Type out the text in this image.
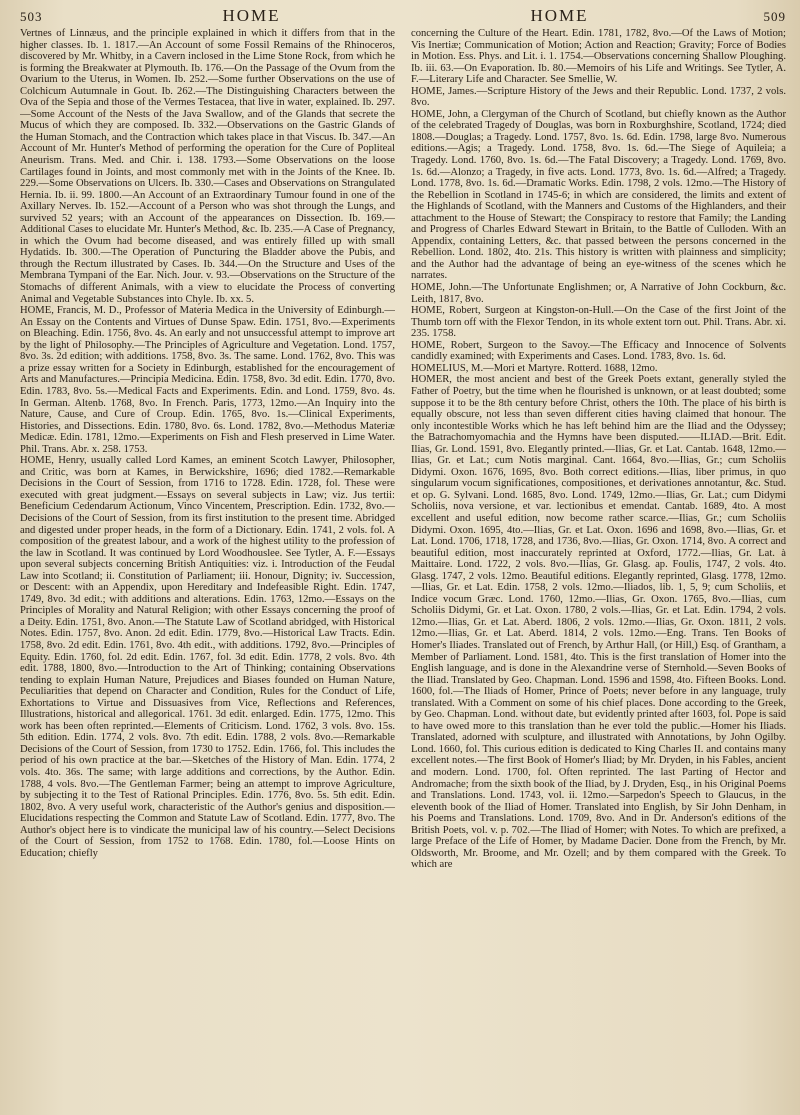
503	HOME	HOME	509

Vertnes of Linnæus, and the principle explained in which it differs from that in the higher classes. Ib. 1. 1817.—An Account of some Fossil Remains of the Rhinoceros, discovered by Mr. Whitby, in a Cavern inclosed in the Lime Stone Rock, from which he is forming the Breakwater at Plymouth. Ib. 176.—On the Passage of the Ovum from the Ovarium to the Uterus, in Women. Ib. 252.—Some further Observations on the use of Colchicum Autumnale in Gout. Ib. 262.—The Distinguishing Characters between the Ova of the Sepia and those of the Vermes Testacea, that live in water, explained. Ib. 297.—Some Account of the Nests of the Java Swallow, and of the Glands that secrete the Mucus of which they are composed. Ib. 332.—Observations on the Gastric Glands of the Human Stomach, and the Contraction which takes place in that Viscus. Ib. 347.—An Account of Mr. Hunter's Method of performing the operation for the Cure of Popliteal Aneurism. Trans. Med. and Chir. i. 138. 1793.—Some Observations on the loose Cartilages found in Joints, and most commonly met with in the Joints of the Knee. Ib. 229.—Some Observations on Ulcers. Ib. 330.—Cases and Observations on Strangulated Hernia. Ib. ii. 99. 1800.—An Account of an Extraordinary Tumour found in one of the Axillary Nerves. Ib. 152.—Account of a Person who was shot through the Lungs, and survived 52 years; with an Account of the appearances on Dissection. Ib. 169.—Additional Cases to elucidate Mr. Hunter's Method, &c. Ib. 235.—A Case of Pregnancy, in which the Ovum had become diseased, and was entirely filled up with small Hydatids. Ib. 300.—The Operation of Puncturing the Bladder above the Pubis, and through the Rectum illustrated by Cases. Ib. 344.—On the Structure and Uses of the Membrana Tympani of the Ear. Nich. Jour. v. 93.—Observations on the Structure of the Stomachs of different Animals, with a view to elucidate the Process of converting Animal and Vegetable Substances into Chyle. Ib. xx. 5.
HOME, Francis, M. D., Professor of Materia Medica in the University of Edinburgh.—An Essay on the Contents and Virtues of Dunse Spaw. Edin. 1751, 8vo.—Experiments on Bleaching. Edin. 1756, 8vo. 4s. An early and not unsuccessful attempt to improve art by the light of Philosophy.—The Principles of Agriculture and Vegetation. Lond. 1757, 8vo. 3s. 2d edition; with additions. 1758, 8vo. 3s. The same. Lond. 1762, 8vo. This was a prize essay written for a Society in Edinburgh, established for the encouragement of Arts and Manufactures.—Principia Medicina. Edin. 1758, 8vo. 3d edit. Edin. 1770, 8vo. Edin. 1783, 8vo. 5s.—Medical Facts and Experiments. Edin. and Lond. 1759, 8vo. 4s. In German. Altenb. 1768, 8vo. In French. Paris, 1773, 12mo.—An Inquiry into the Nature, Cause, and Cure of Croup. Edin. 1765, 8vo. 1s.—Clinical Experiments, Histories, and Dissections. Edin. 1780, 8vo. 6s. Lond. 1782, 8vo.—Methodus Materiæ Medicæ. Edin. 1781, 12mo.—Experiments on Fish and Flesh preserved in Lime Water. Phil. Trans. Abr. x. 258. 1753.
HOME, Henry, usually called Lord Kames, an eminent Scotch Lawyer, Philosopher, and Critic, was born at Kames, in Berwickshire, 1696; died 1782.—Remarkable Decisions in the Court of Session, from 1716 to 1728. Edin. 1728, fol. These were executed with great judgment.—Essays on several subjects in Law; viz. Jus tertii: Beneficium Cedendarum Actionum, Vinco Vincentem, Prescription. Edin. 1732, 8vo.—Decisions of the Court of Session, from its first institution to the present time. Abridged and digested under proper heads, in the form of a Dictionary. Edin. 1741, 2 vols. fol. A composition of the greatest labour, and a work of the highest utility to the profession of the law in Scotland. It was continued by Lord Woodhouslee. See Tytler, A. F.—Essays upon several subjects concerning British Antiquities: viz. i. Introduction of the Feudal Law into Scotland; ii. Constitution of Parliament; iii. Honour, Dignity; iv. Succession, or Descent: with an Appendix, upon Hereditary and Indefeasible Right. Edin. 1747, 1749, 8vo. 3d edit.; with additions and alterations. Edin. 1763, 12mo.—Essays on the Principles of Morality and Natural Religion; with other Essays concerning the proof of a Deity. Edin. 1751, 8vo. Anon.—The Statute Law of Scotland abridged, with Historical Notes. Edin. 1757, 8vo. Anon. 2d edit. Edin. 1779, 8vo.—Historical Law Tracts. Edin. 1758, 8vo. 2d edit. Edin. 1761, 8vo. 4th edit., with additions. 1792, 8vo.—Principles of Equity. Edin. 1760, fol. 2d edit. Edin. 1767, fol. 3d edit. Edin. 1778, 2 vols. 8vo. 4th edit. 1788, 1800, 8vo.—Introduction to the Art of Thinking; containing Observations tending to explain Human Nature, Prejudices and Biases founded on Human Nature, Peculiarities that depend on Character and Condition, Rules for the Conduct of Life, Exhortations to Virtue and Dissuasives from Vice, Reflections and References, Illustrations, historical and allegorical. 1761. 3d edit. enlarged. Edin. 1775, 12mo. This work has been often reprinted.—Elements of Criticism. Lond. 1762, 3 vols. 8vo. 15s. 5th edition. Edin. 1774, 2 vols. 8vo. 7th edit. Edin. 1788, 2 vols. 8vo.—Remarkable Decisions of the Court of Session, from 1730 to 1752. Edin. 1766, fol. This includes the period of his own practice at the bar.—Sketches of the History of Man. Edin. 1774, 2 vols. 4to. 36s. The same; with large additions and corrections, by the Author. Edin. 1788, 4 vols. 8vo.—The Gentleman Farmer; being an attempt to improve Agriculture, by subjecting it to the Test of Rational Principles. Edin. 1776, 8vo. 5s. 5th edit. Edin. 1802, 8vo. A very useful work, characteristic of the Author's genius and disposition.—Elucidations respecting the Common and Statute Law of Scotland. Edin. 1777, 8vo. The Author's object here is to vindicate the municipal law of his country.—Select Decisions of the Court of Session, from 1752 to 1768. Edin. 1780, fol.—Loose Hints on Education; chiefly

concerning the Culture of the Heart. Edin. 1781, 1782, 8vo.—Of the Laws of Motion; Vis Inertiæ; Communication of Motion; Action and Reaction; Gravity; Force of Bodies in Motion. Ess. Phys. and Lit. i. 1. 1754.—Observations concerning Shallow Ploughing. Ib. iii. 63.—On Evaporation. Ib. 80.—Memoirs of his Life and Writings. See Tytler, A. F.—Literary Life and Character. See Smellie, W.
HOME, James.—Scripture History of the Jews and their Republic. Lond. 1737, 2 vols. 8vo.
HOME, John, a Clergyman of the Church of Scotland, but chiefly known as the Author of the celebrated Tragedy of Douglas, was born in Roxburghshire, Scotland, 1724; died 1808.—Douglas; a Tragedy. Lond. 1757, 8vo. 1s. 6d. Edin. 1798, large 8vo. Numerous editions.—Agis; a Tragedy. Lond. 1758, 8vo. 1s. 6d.—The Siege of Aquileia; a Tragedy. Lond. 1760, 8vo. 1s. 6d.—The Fatal Discovery; a Tragedy. Lond. 1769, 8vo. 1s. 6d.—Alonzo; a Tragedy, in five acts. Lond. 1773, 8vo. 1s. 6d.—Alfred; a Tragedy. Lond. 1778, 8vo. 1s. 6d.—Dramatic Works. Edin. 1798, 2 vols. 12mo.—The History of the Rebellion in Scotland in 1745-6; in which are considered, the limits and extent of the Highlands of Scotland, with the Manners and Customs of the Highlanders, and their attachment to the House of Stewart; the Conspiracy to restore that Family; the Landing and Progress of Charles Edward Stewart in Britain, to the Battle of Culloden. With an Appendix, containing Letters, &c. that passed between the persons concerned in the Rebellion. Lond. 1802, 4to. 21s. This history is written with plainness and simplicity; and the Author had the advantage of being an eye-witness of the scenes which he narrates.
HOME, John.—The Unfortunate Englishmen; or, A Narrative of John Cockburn, &c. Leith, 1817, 8vo.
HOME, Robert, Surgeon at Kingston-on-Hull.—On the Case of the first Joint of the Thumb torn off with the Flexor Tendon, in its whole extent torn out. Phil. Trans. Abr. xi. 235. 1758.
HOME, Robert, Surgeon to the Savoy.—The Efficacy and Innocence of Solvents candidly examined; with Experiments and Cases. Lond. 1783, 8vo. 1s. 6d.
HOMELIUS, M.—Mori et Martyre. Rotterd. 1688, 12mo.
HOMER, the most ancient and best of the Greek Poets extant, generally styled the Father of Poetry, but the time when he flourished is unknown, or at least doubted; some suppose it to be the 8th century before Christ, others the 10th. The place of his birth is equally obscure, not less than seven different cities having claimed that honour. The only incontestible Works which he has left behind him are the Iliad and the Odyssey; the Batrachomyomachia and the Hymns have been disputed.——ILIAD.—Brit. Edit. Ilias, Gr. Lond. 1591, 8vo. Elegantly printed.—Ilias, Gr. et Lat. Cantab. 1648, 12mo.—Ilias, Gr. et Lat.; cum Notis marginal. Cant. 1664, 8vo.—Ilias, Gr.; cum Scholiis Didymi. Oxon. 1676, 1695, 8vo. Both correct editions.—Ilias, liber primus, in quo singularum vocum significationes, compositiones, et derivationes annotantur, &c. Stud. et op. G. Sylvani. Lond. 1685, 8vo. Lond. 1749, 12mo.—Ilias, Gr. Lat.; cum Didymi Scholiis, nova versione, et var. lectionibus et emendat. Cantab. 1689, 4to. A most excellent and useful edition, now become rather scarce.—Ilias, Gr.; cum Scholiis Didymi. Oxon. 1695, 4to.—Ilias, Gr. et Lat. Oxon. 1696 and 1698, 8vo.—Ilias, Gr. et Lat. Lond. 1706, 1718, 1728, and 1736, 8vo.—Ilias, Gr. Oxon. 1714, 8vo. A correct and beautiful edition, most inaccurately reprinted at Oxford, 1772.—Ilias, Gr. Lat. à Maittaire. Lond. 1722, 2 vols. 8vo.—Ilias, Gr. Glasg. ap. Foulis, 1747, 2 vols. 4to. Glasg. 1747, 2 vols. 12mo. Beautiful editions. Elegantly reprinted, Glasg. 1778, 12mo.—Ilias, Gr. et Lat. Edin. 1758, 2 vols. 12mo.—Iliados, lib. 1, 5, 9; cum Scholiis, et Indice vocum Græc. Lond. 1760, 12mo.—Ilias, Gr. Oxon. 1765, 8vo.—Ilias, cum Scholiis Didymi, Gr. et Lat. Oxon. 1780, 2 vols.—Ilias, Gr. et Lat. Edin. 1794, 2 vols. 12mo.—Ilias, Gr. et Lat. Aberd. 1806, 2 vols. 12mo.—Ilias, Gr. Oxon. 1811, 2 vols. 12mo.—Ilias, Gr. et Lat. Aberd. 1814, 2 vols. 12mo.—Eng. Trans. Ten Books of Homer's Iliades. Translated out of French, by Arthur Hall, (or Hill,) Esq. of Grantham, a Member of Parliament. Lond. 1581, 4to. This is the first translation of Homer into the English language, and is done in the Alexandrine verse of Sternhold.—Seven Books of the Iliad. Translated by Geo. Chapman. Lond. 1596 and 1598, 4to. Fifteen Books. Lond. 1600, fol.—The Iliads of Homer, Prince of Poets; never before in any language, truly translated. With a Comment on some of his chief places. Done according to the Greek, by Geo. Chapman. Lond. without date, but evidently printed after 1603, fol. Pope is said to have owed more to this translation than he ever told the public.—Homer his Iliads. Translated, adorned with sculpture, and illustrated with Annotations, by John Ogilby. Lond. 1660, fol. This curious edition is dedicated to King Charles II. and contains many excellent notes.—The first Book of Homer's Iliad; by Mr. Dryden, in his Fables, ancient and modern. Lond. 1700, fol. Often reprinted. The last Parting of Hector and Andromache; from the sixth book of the Iliad, by J. Dryden, Esq., in his Original Poems and Translations. Lond. 1743, vol. ii. 12mo.—Sarpedon's Speech to Glaucus, in the eleventh book of the Iliad of Homer. Translated into English, by Sir John Denham, in his Poems and Translations. Lond. 1709, 8vo. And in Dr. Anderson's editions of the British Poets, vol. v. p. 702.—The Iliad of Homer; with Notes. To which are prefixed, a large Preface of the Life of Homer, by Madame Dacier. Done from the French, by Mr. Oldsworth, Mr. Broome, and Mr. Ozell; and by them compared with the Greek. To which are
